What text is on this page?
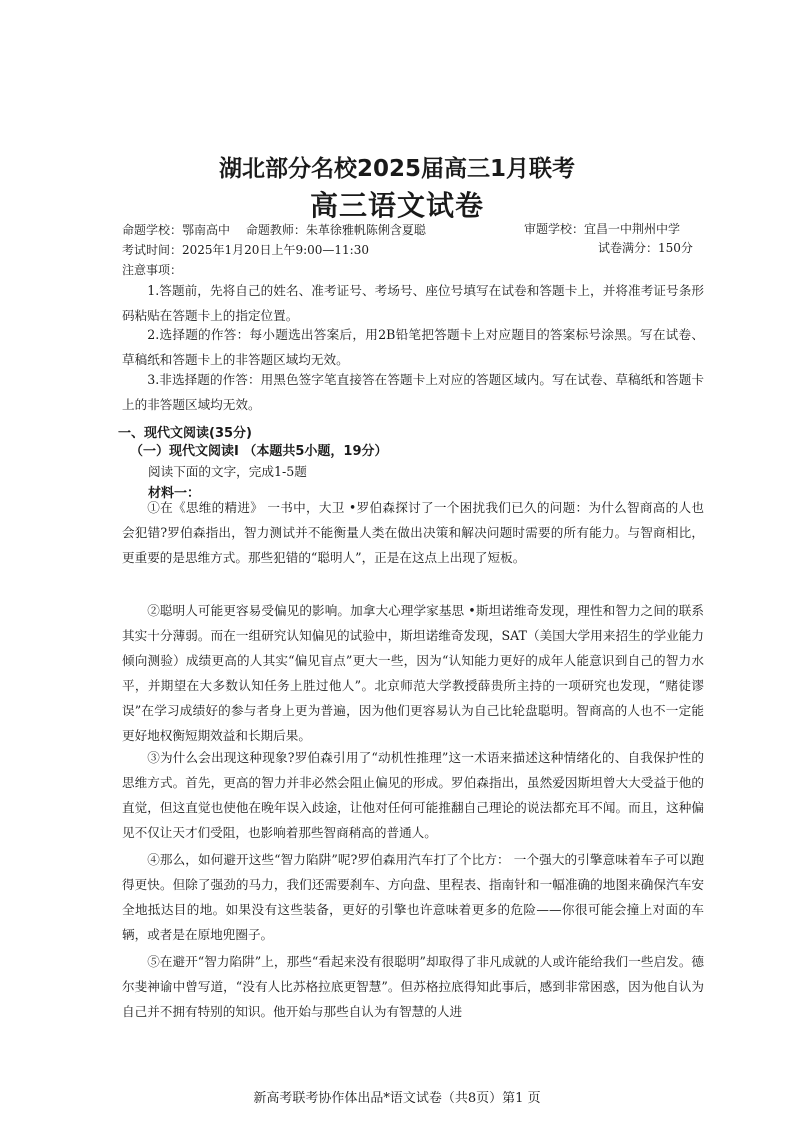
湖北部分名校2025届高三1月联考
高三语文试卷
命题学校：鄂南高中　 命题教师：朱革徐雅帆陈俐含夏聪	审题学校：宜昌一中荆州中学
考试时间：2025年1月20日上午9:00—11:30	试卷满分：150分
注意事项：
1.答题前，先将自己的姓名、准考证号、考场号、座位号填写在试卷和答题卡上，并将准考证号条形码粘贴在答题卡上的指定位置。
2.选择题的作答：每小题选出答案后，用2B铅笔把答题卡上对应题目的答案标号涂黑。写在试卷、草稿纸和答题卡上的非答题区域均无效。
3.非选择题的作答：用黑色签字笔直接答在答题卡上对应的答题区域内。写在试卷、草稿纸和答题卡上的非答题区域均无效。
一、现代文阅读(35分)
（一）现代文阅读Ⅰ （本题共5小题，19分）
阅读下面的文字，完成1-5题
材料一：
①在《思维的精进》 一书中，大卫 •罗伯森探讨了一个困扰我们已久的问题：为什么智商高的人也会犯错?罗伯森指出，智力测试并不能衡量人类在做出决策和解决问题时需要的所有能力。与智商相比，更重要的是思维方式。那些犯错的“聪明人”，正是在这点上出现了短板。
②聪明人可能更容易受偏见的影响。加拿大心理学家基思 •斯坦诺维奇发现，理性和智力之间的联系其实十分薄弱。而在一组研究认知偏见的试验中，斯坦诺维奇发现，SAT（美国大学用来招生的学业能力倾向测验）成绩更高的人其实“偏见盲点”更大一些，因为“认知能力更好的成年人能意识到自己的智力水平，并期望在大多数认知任务上胜过他人”。北京师范大学教授薛贵所主持的一项研究也发现，“赌徒谬误”在学习成绩好的参与者身上更为普遍，因为他们更容易认为自己比轮盘聪明。智商高的人也不一定能更好地权衡短期效益和长期后果。
③为什么会出现这种现象?罗伯森引用了“动机性推理”这一术语来描述这种情绪化的、自我保护性的思维方式。首先，更高的智力并非必然会阻止偏见的形成。罗伯森指出，虽然爱因斯坦曾大大受益于他的直觉，但这直觉也使他在晚年误入歧途，让他对任何可能推翻自己理论的说法都充耳不闻。而且，这种偏见不仅让天才们受阻，也影响着那些智商稍高的普通人。
④那么，如何避开这些“智力陷阱”呢?罗伯森用汽车打了个比方： 一个强大的引擎意味着车子可以跑得更快。但除了强劲的马力，我们还需要刹车、方向盘、里程表、指南针和一幅准确的地图来确保汽车安全地抵达目的地。如果没有这些装备，更好的引擎也许意味着更多的危险——你很可能会撞上对面的车辆，或者是在原地兜圈子。
⑤在避开“智力陷阱”上，那些“看起来没有很聪明”却取得了非凡成就的人或许能给我们一些启发。德尔斐神谕中曾写道，“没有人比苏格拉底更智慧”。但苏格拉底得知此事后，感到非常困惑，因为他自认为自己并不拥有特别的知识。他开始与那些自认为有智慧的人进
新高考联考协作体出品*语文试卷（共8页）第1 页
